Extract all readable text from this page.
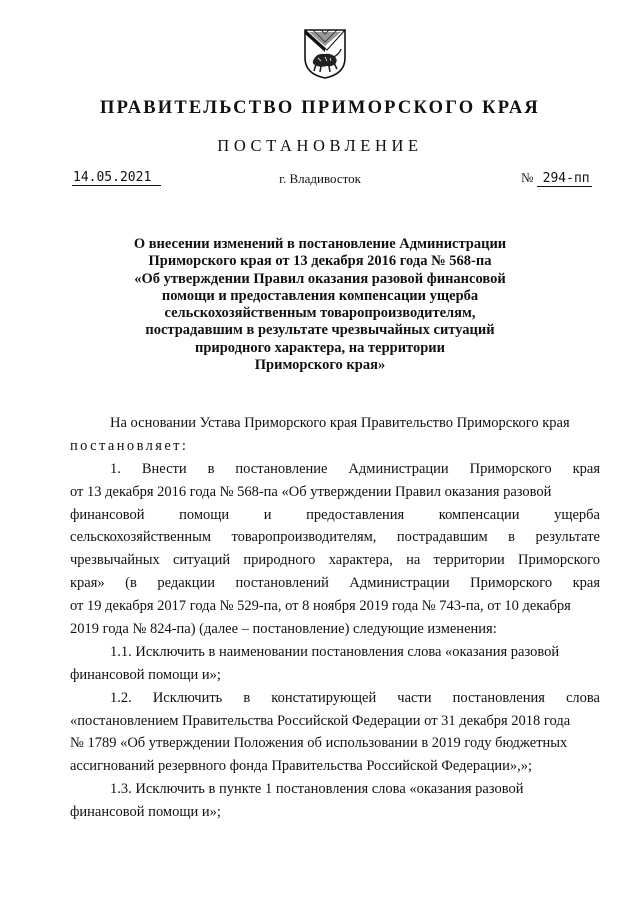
ПРАВИТЕЛЬСТВО ПРИМОРСКОГО КРАЯ
ПОСТАНОВЛЕНИЕ
14.05.2021	г. Владивосток	№ 294-пп
О внесении изменений в постановление Администрации
Приморского края от 13 декабря 2016 года № 568-па
«Об утверждении Правил оказания разовой финансовой
помощи и предоставления компенсации ущерба
сельскохозяйственным товаропроизводителям,
пострадавшим в результате чрезвычайных ситуаций
природного характера, на территории
Приморского края»
На основании Устава Приморского края Правительство Приморского края
постановляет:
1. Внести в постановление Администрации Приморского края
от 13 декабря 2016 года № 568-па «Об утверждении Правил оказания разовой
финансовой помощи и предоставления компенсации ущерба
сельскохозяйственным товаропроизводителям, пострадавшим в результате
чрезвычайных ситуаций природного характера, на территории Приморского
края» (в редакции постановлений Администрации Приморского края
от 19 декабря 2017 года № 529-па, от 8 ноября 2019 года № 743-па, от 10 декабря
2019 года № 824-па) (далее – постановление) следующие изменения:
1.1. Исключить в наименовании постановления слова «оказания разовой
финансовой помощи и»;
1.2. Исключить в констатирующей части постановления слова
«постановлением Правительства Российской Федерации от 31 декабря 2018 года
№ 1789 «Об утверждении Положения об использовании в 2019 году бюджетных
ассигнований резервного фонда Правительства Российской Федерации»,»;
1.3. Исключить в пункте 1 постановления слова «оказания разовой
финансовой помощи и»;
